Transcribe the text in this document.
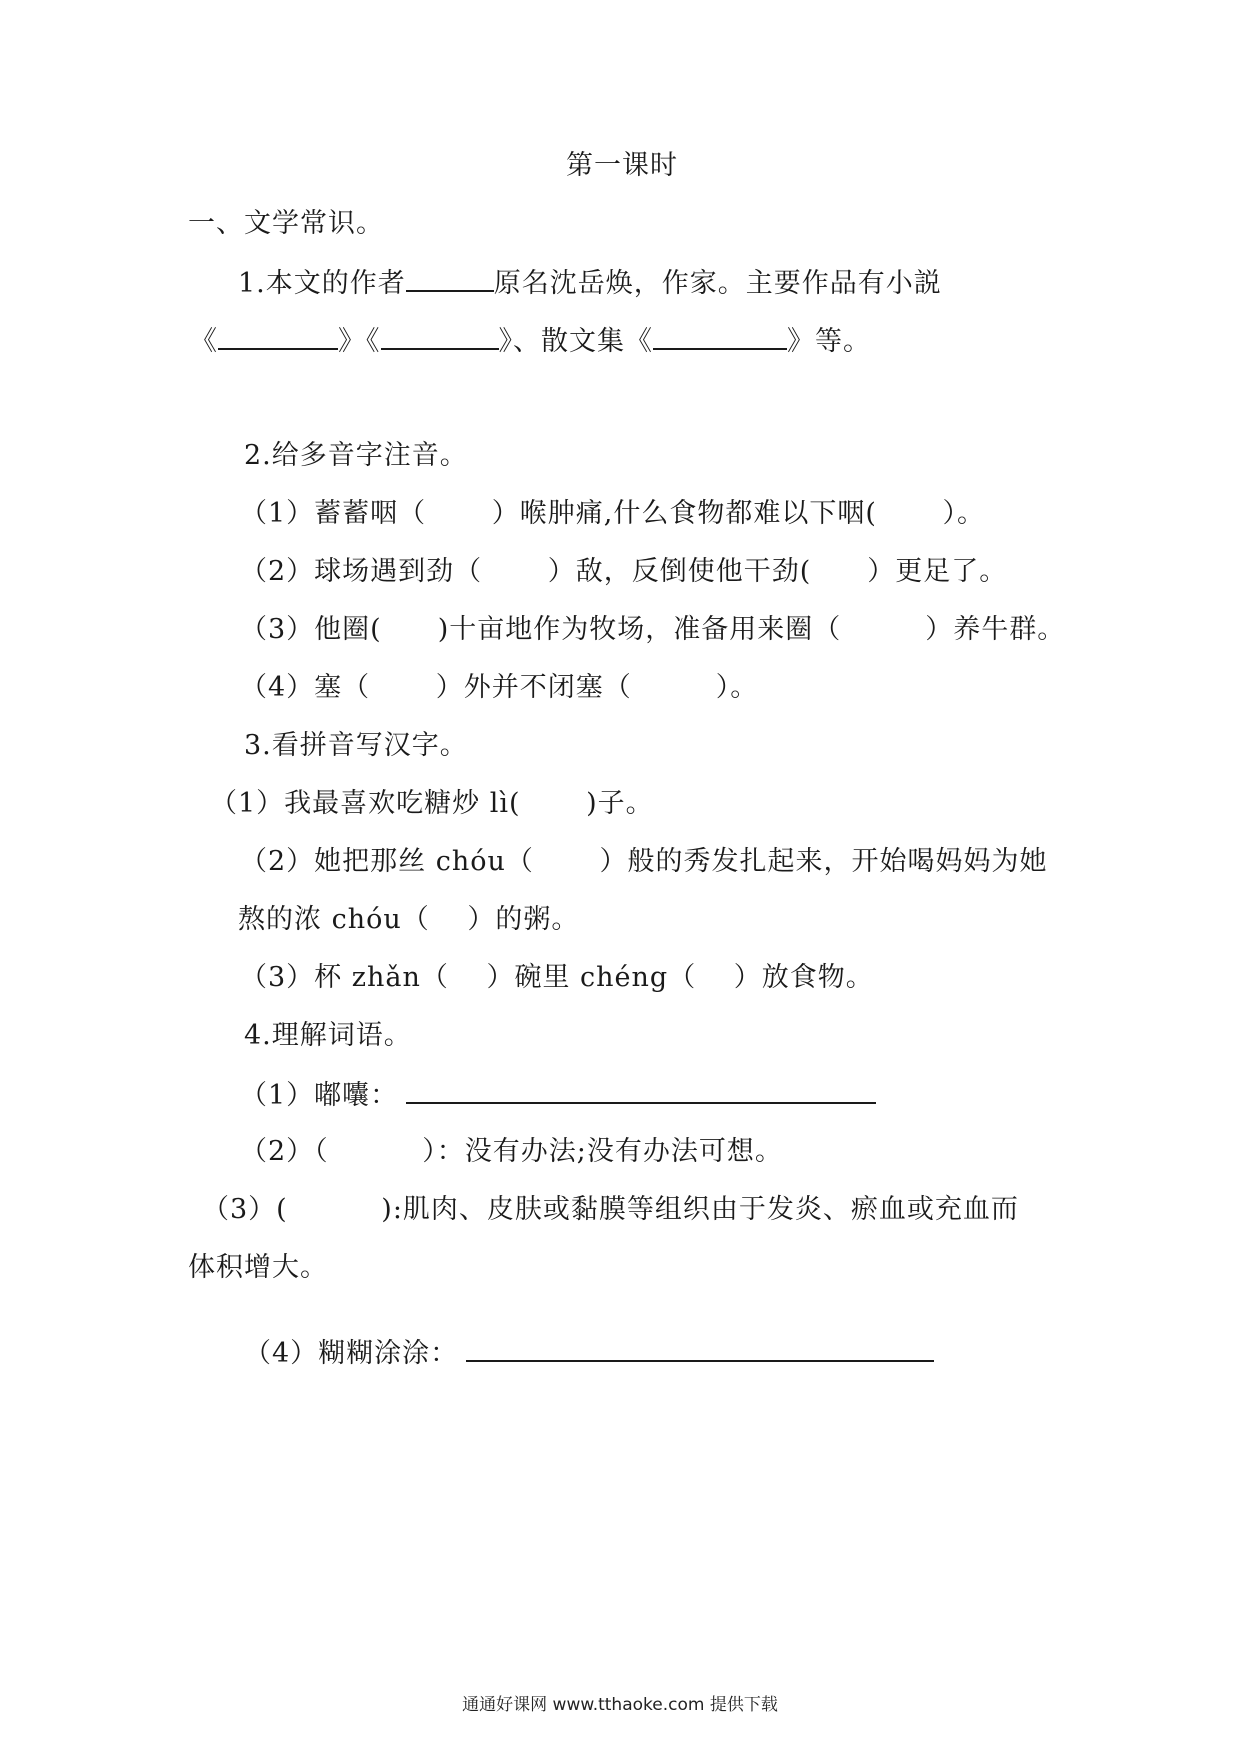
第一课时
一、文学常识。
1.本文的作者	原名沈岳焕，作家。主要作品有小説
《	》《	》、散文集《	》等。
2.给多音字注音。
（1）蓄蓄咽（　　 ）喉肿痛,什么食物都难以下咽(　　 ）。
（2）球场遇到劲（　　 ）敌，反倒使他干劲(　　）更足了。
（3）他圈(　　)十亩地作为牧场，准备用来圈（　　　）养牛群。
（4）塞（　　 ）外并不闭塞（　　　）。
3.看拼音写汉字。
（1）我最喜欢吃糖炒 lì(　　 )子。
（2）她把那丝 chóu（　　 ）般的秀发扎起来，开始喝妈妈为她
熬的浓 chóu（　 ）的粥。
（3）杯 zhǎn（　 ）碗里 chéng（　 ）放食物。
4.理解词语。
（1）嘟囔：
（2）（　　　 ）：没有办法;没有办法可想。
（3）(　　　 ):肌肉、皮肤或黏膜等组织由于发炎、瘀血或充血而
体积增大。
（4）糊糊涂涂：
通通好课网 www.tthaoke.com 提供下载
